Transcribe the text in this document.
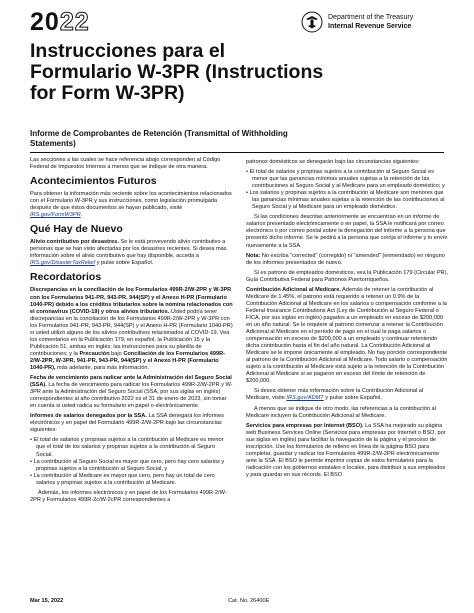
2022	Department of the Treasury
Internal Revenue Service
Instrucciones para el Formulario W-3PR (Instructions for Form W-3PR)
Informe de Comprobantes de Retención (Transmittal of Withholding Statements)

Las secciones a las cuales se hace referencia abajo corresponden al Código Federal de Impuestos Internos a menos que se indique de otra manera.

Acontecimientos Futuros

Para obtener la información más reciente sobre los acontecimientos relacionados con el Formulario W-3PR y sus instrucciones, como legislación promulgada después de que éstos documentos se hayan publicado, visite IRS.gov/FormW3PR.

Qué Hay de Nuevo

Alivio contributivo por desastres. Se le está proveyendo alivio contributivo a personas que se han visto afectadas por los desastres recientes. Si desea más información sobre el alivio contributivo que hay disponible, acceda a IRS.gov/DisasterTaxRelief y pulse sobre Español.

Recordatorios

Discrepancias en la conciliación de los Formularios 499R-2/W-2PR y W-3PR con los Formularios 941-PR, 943-PR, 944(SP) y el Anexo H-PR (Formulario 1040-PR) debido a los créditos tributarios sobre la nómina relacionados con el coronavirus (COVID-19) y otros alivios tributarios. Usted podría tener discrepancias en la conciliación de los Formularios 499R-2/W-2PR y W-3PR con los Formularios 941-PR, 943-PR, 944(SP) y el Anexo H-PR (Formulario 1040-PR) si usted utilizó alguno de los alivios contributivos relacionados al COVID-19. Vea los comentarios en la Publicación 179, en español, la Publicación 15 y la Publicación 51, ambas en inglés; las instrucciones para su planilla de contribuciones; y la Precaución bajo Conciliación de los Formularios 499R-2/W-2PR, W-3PR, 941-PR, 943-PR, 944(SP) y el Anexo H-PR (Formulario 1040-PR), más adelante, para más información.

Fecha de vencimiento para radicar ante la Administración del Seguro Social (SSA). La fecha de vencimiento para radicar los Formularios 499R-2/W-2PR y W-3PR ante la Administración del Seguro Social (SSA, por sus siglas en inglés) correspondientes al año contributivo 2022 es el 31 de enero de 2023, sin tomar en cuenta si usted radica su formulario en papel o electrónicamente.

Informes de salarios denegados por la SSA. La SSA denegará los informes electrónicos y en papel del Formulario 499R-2/W-2PR bajo las circunstancias siguientes:

• El total de salarios y propinas sujetos a la contribución al Medicare es menor que el total de los salarios y propinas sujetos a la contribución al Seguro Social.
• La contribución al Seguro Social es mayor que cero, pero hay cero salarios y propinas sujetos a la contribución al Seguro Social, y
• La contribución al Medicare es mayor que cero, pero hay un total de cero salarios y propinas sujetos a la contribución al Medicare.

Además, los informes electrónicos y en papel de los Formularios 499R-2/W-2PR y Formularios 499R-2c/W-2cPR correspondientes a

patronos domésticos se denegarán bajo las circunstancias siguientes:

• El total de salarios y propinas sujetos a la contribución al Seguro Social es menor que las ganancias mínimas anuales sujetas a la retención de las contribuciones al Seguro Social y al Medicare para un empleado doméstico; y
• Los salarios y propinas sujetos a la contribución al Medicare son menores que las ganancias mínimas anuales sujetas a la retención de las contribuciones al Seguro Social y al Medicare para un empleado doméstico.

Si las condiciones descritas anteriormente se encuentran en un informe de salarios presentado electrónicamente o en papel, la SSA le notificará por correo electrónico o por correo postal sobre la denegación del informe a la persona que presentó dicho informe. Se le pedirá a la persona que corrija el informe y lo envíe nuevamente a la SSA.

Nota: No escriba "corrected" (corregido) ni "amended" (enmendado) en ninguno de los informes presentados de nuevo.

Si es patrono de empleados domésticos, vea la Publicación 179 (Circular PR), Guía Contributiva Federal para Patronos Puertorriqueños.

Contribución Adicional al Medicare. Además de retener la contribución al Medicare de 1.45%, el patrono está requerido a retener un 0.9% de la Contribución Adicional al Medicare en los salarios o compensación conforme a la Federal Insurance Contributions Act (Ley de Contribución al Seguro Federal o FICA, por sus siglas en inglés) pagados a un empleado en exceso de $200,000 en un año natural. Se le requiere al patrono comenzar a retener la Contribución Adicional al Medicare en el período de pago en el cual le paga salarios o compensación en exceso de $200,000 a un empleado y continuar reteniendo dicha contribución hasta el fin del año natural. La Contribución Adicional al Medicare se le impone únicamente al empleado. No hay porción correspondiente al patrono de la Contribución Adicional al Medicare. Todo salario o compensación sujeto a la contribución al Medicare está sujeto a la retención de la Contribución Adicional al Medicare si se pagaron en exceso del límite de retención de $200,000.

Si desea obtener más información sobre la Contribución Adicional al Medicare, visite IRS.gov/ADMT y pulse sobre Español.

A menos que se indique de otro modo, las referencias a la contribución al Medicare incluyen la Contribución Adicional al Medicare.

Servicios para empresas por Internet (BSO). La SSA ha mejorado su página web Business Services Online (Servicios para empresas por Internet o BSO, por sus siglas en inglés) para facilitar la navegación de la página y el proceso de inscripción. Use los formularios de relleno en línea de la página BSO para completar, guardar y radicar los Formularios 499R-2/W-2PR electrónicamente ante la SSA. El BSO le permite imprimir copias de estos formularios para la radicación con los gobiernos estatales o locales, para distribuir a sus empleados y para guardar en sus récords. El BSO

Mar 15, 2022	Cat. No. 26400E
